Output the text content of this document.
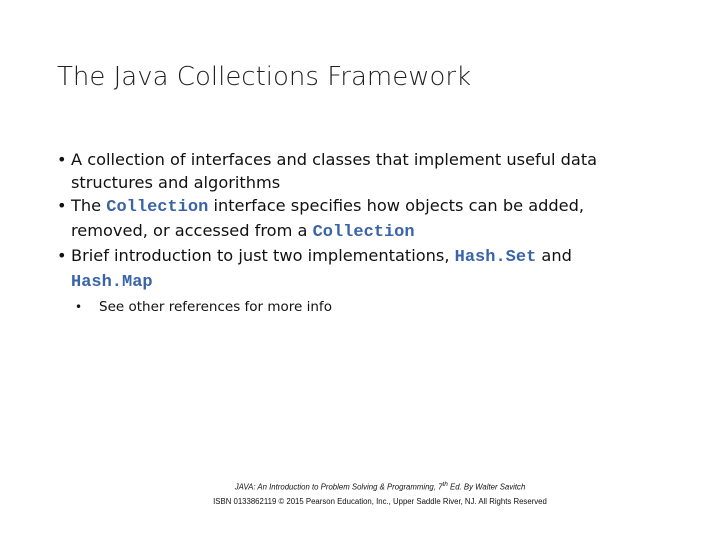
The Java Collections Framework
• A collection of interfaces and classes that implement useful data
structures and algorithms
• The Collection interface specifies how objects can be added,
removed, or accessed from a Collection
• Brief introduction to just two implementations, Hash.Set and
Hash.Map
• See other references for more info
JAVA: An Introduction to Problem Solving & Programming, 7th Ed. By Walter Savitch
ISBN 0133862119 © 2015 Pearson Education, Inc., Upper Saddle River, NJ. All Rights Reserved
